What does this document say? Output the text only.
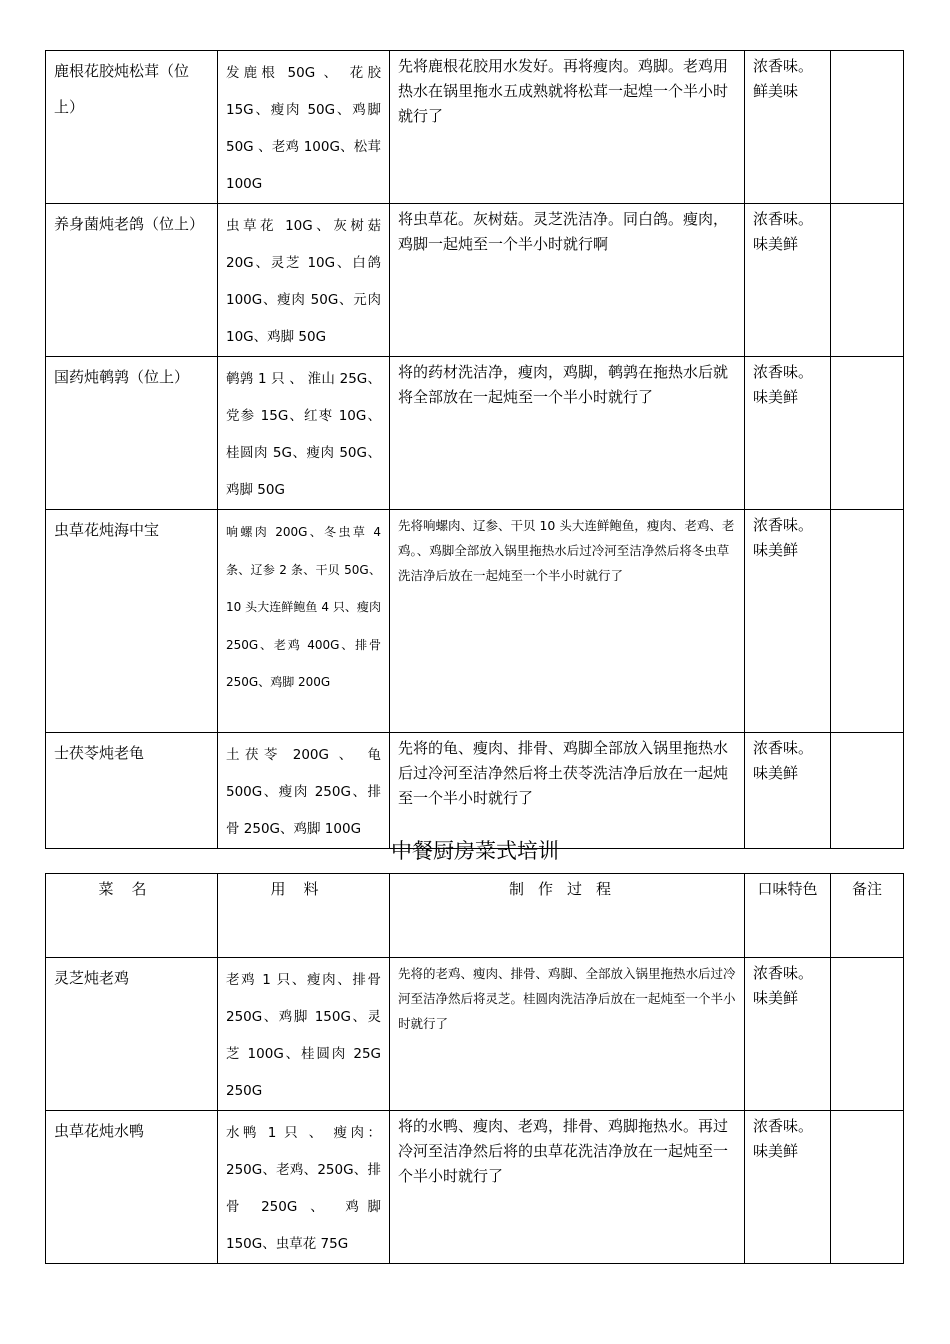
鹿根花胶炖松茸（位上）	发鹿根 50G 、 花胶 15G、瘦肉 50G、鸡脚 50G 、老鸡 100G、松茸 100G	先将鹿根花胶用水发好。再将瘦肉。鸡脚。老鸡用热水在锅里拖水五成熟就将松茸一起煌一个半小时就行了	浓香味。鲜美味	
养身菌炖老鸽（位上）	虫草花 10G、灰树菇 20G、灵芝 10G、白鸽 100G、瘦肉 50G、元肉 10G、鸡脚 50G	将虫草花。灰树菇。灵芝洗洁净。同白鸽。瘦肉，鸡脚一起炖至一个半小时就行啊	浓香味。味美鲜	
国药炖鹌鹑（位上）	鹌鹑 1 只 、 淮山 25G、党参 15G、红枣 10G、桂圆肉 5G、瘦肉 50G、鸡脚 50G	将的药材洗洁净，瘦肉，鸡脚，鹌鹑在拖热水后就将全部放在一起炖至一个半小时就行了	浓香味。味美鲜	
虫草花炖海中宝	响螺肉 200G、冬虫草 4 条、辽参 2 条、干贝 50G、10 头大连鲜鲍鱼 4 只、瘦肉 250G、老鸡 400G、排骨 250G、鸡脚 200G	先将响螺肉、辽参、干贝 10 头大连鲜鲍鱼，瘦肉、老鸡、老鸡。、鸡脚全部放入锅里拖热水后过冷河至洁净然后将冬虫草洗洁净后放在一起炖至一个半小时就行了	浓香味。味美鲜	
士茯苓炖老龟	土茯苓 200G 、 龟 500G、瘦肉 250G、排骨 250G、鸡脚 100G	先将的龟、瘦肉、排骨、鸡脚全部放入锅里拖热水后过冷河至洁净然后将土茯苓洗洁净后放在一起炖至一个半小时就行了	浓香味。味美鲜	
中餐厨房菜式培训
菜名	用料	制作过程	口味特色	备注
灵芝炖老鸡	老鸡 1 只、瘦肉、排骨 250G、鸡脚 150G、灵芝 100G、桂圆肉 25G 250G	先将的老鸡、瘦肉、排骨、鸡脚、全部放入锅里拖热水后过冷河至洁净然后将灵芝。桂圆肉洗洁净后放在一起炖至一个半小时就行了	浓香味。味美鲜	
虫草花炖水鸭	水鸭 1 只 、 瘦肉：250G、老鸡、250G、排骨 250G 、 鸡脚 150G、虫草花 75G	将的水鸭、瘦肉、老鸡，排骨、鸡脚拖热水。再过冷河至洁净然后将的虫草花洗洁净放在一起炖至一个半小时就行了	浓香味。味美鲜	
